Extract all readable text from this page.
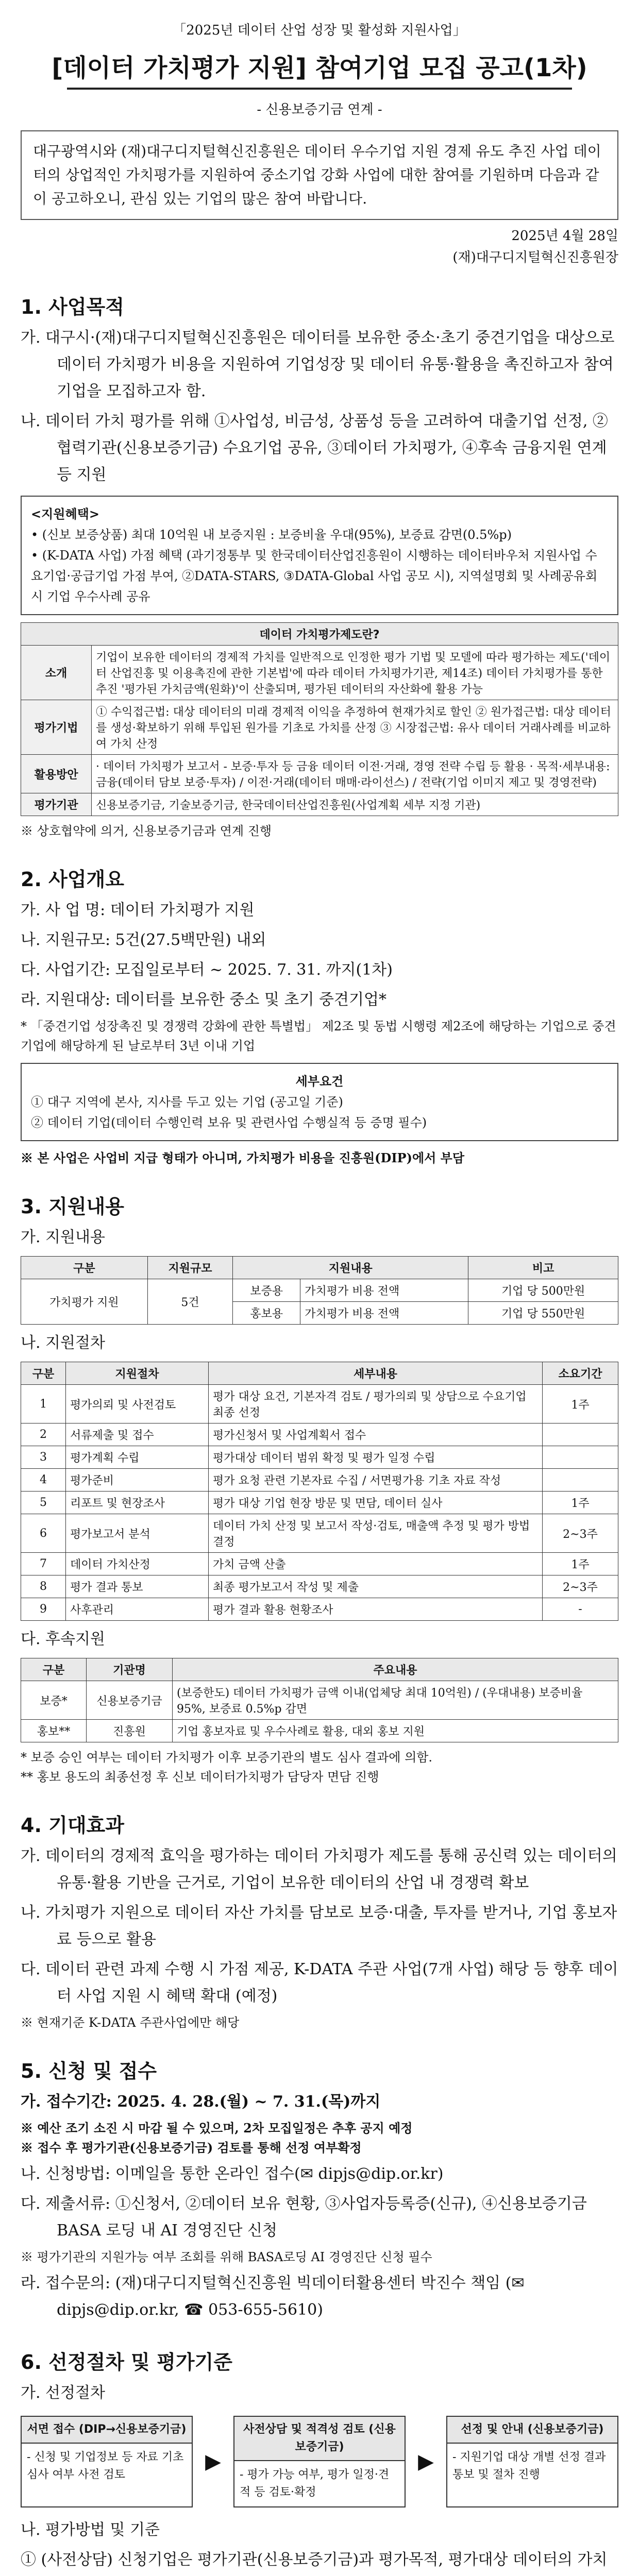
「2025년 데이터 산업 성장 및 활성화 지원사업」
[데이터 가치평가 지원] 참여기업 모집 공고(1차)
- 신용보증기금 연계 -
대구광역시와 (재)대구디지털혁신진흥원은 데이터 우수기업 지원 경제 유도 추진 사업 데이터의 상업적인 가치평가를 지원하여 중소기업 강화 사업에 대한 참여를 기원하며 다음과 같이 공고하오니, 관심 있는 기업의 많은 참여 바랍니다.
2025년 4월 28일
(재)대구디지털혁신진흥원장
1. 사업목적
가. 대구시·(재)대구디지털혁신진흥원은 데이터를 보유한 중소·초기 중견기업을 대상으로 데이터 가치평가 비용을 지원하여 기업성장 및 데이터 유통·활용을 촉진하고자 참여기업을 모집하고자 함.
나. 데이터 가치 평가를 위해 ①사업성, 비금성, 상품성 등을 고려하여 대출기업 선정, ②협력기관(신용보증기금) 수요기업 공유, ③데이터 가치평가, ④후속 금융지원 연계 등 지원
<지원혜택>
• (신보 보증상품) 최대 10억원 내 보증지원 : 보증비율 우대(95%), 보증료 감면(0.5%p)
• (K-DATA 사업) 가점 혜택 (과기정통부 및 한국데이터산업진흥원이 시행하는 데이터바우처 지원사업 수요기업·공급기업 가점 부여, ②DATA-STARS, ③DATA-Global 사업 공모 시), 지역설명회 및 사례공유회 시 기업 우수사례 공유
데이터 가치평가제도란?	
소개	기업이 보유한 데이터의 경제적 가치를 일반적으로 인정한 평가 기법 및 모델에 따라 평가하는 제도('데이터 산업진흥 및 이용촉진에 관한 기본법'에 따라 데이터 가치평가기관, 제14조) 데이터 가치평가를 통한 추진 '평가된 가치금액(원화)'이 산출되며, 평가된 데이터의 자산화에 활용 가능
평가기법	① 수익접근법: 대상 데이터의 미래 경제적 이익을 추정하여 현재가치로 할인 ② 원가접근법: 대상 데이터를 생성·확보하기 위해 투입된 원가를 기초로 가치를 산정 ③ 시장접근법: 유사 데이터 거래사례를 비교하여 가치 산정
활용방안	· 데이터 가치평가 보고서 - 보증·투자 등 금융 데이터 이전·거래, 경영 전략 수립 등 활용 · 목적·세부내용: 금융(데이터 담보 보증·투자) / 이전·거래(데이터 매매·라이선스) / 전략(기업 이미지 제고 및 경영전략)
평가기관	신용보증기금, 기술보증기금, 한국데이터산업진흥원(사업계획 세부 지정 기관)
※ 상호협약에 의거, 신용보증기금과 연계 진행
2. 사업개요
가. 사 업 명: 데이터 가치평가 지원
나. 지원규모: 5건(27.5백만원) 내외
다. 사업기간: 모집일로부터 ~ 2025. 7. 31. 까지(1차)
라. 지원대상: 데이터를 보유한 중소 및 초기 중견기업*
* 「중견기업 성장촉진 및 경쟁력 강화에 관한 특별법」 제2조 및 동법 시행령 제2조에 해당하는 기업으로 중견기업에 해당하게 된 날로부터 3년 이내 기업
세부요건
① 대구 지역에 본사, 지사를 두고 있는 기업 (공고일 기준)
② 데이터 기업(데이터 수행인력 보유 및 관련사업 수행실적 등 증명 필수)
※ 본 사업은 사업비 지급 형태가 아니며, 가치평가 비용을 진흥원(DIP)에서 부담
3. 지원내용
가. 지원내용
구분	지원규모	지원내용		비고
가치평가 지원	5건	보증용	가치평가 비용 전액	기업 당 500만원
		홍보용	가치평가 비용 전액	기업 당 550만원
나. 지원절차
구분	지원절차	세부내용	소요기간
1	평가의뢰 및 사전검토	평가 대상 요건, 기본자격 검토 / 평가의뢰 및 상담으로 수요기업 최종 선정	1주
2	서류제출 및 접수	평가신청서 및 사업계획서 접수	
3	평가계획 수립	평가대상 데이터 범위 확정 및 평가 일정 수립	
4	평가준비	평가 요청 관련 기본자료 수집 / 서면평가용 기초 자료 작성	
5	리포트 및 현장조사	평가 대상 기업 현장 방문 및 면담, 데이터 실사	1주
6	평가보고서 분석	데이터 가치 산정 및 보고서 작성·검토, 매출액 추정 및 평가 방법 결정	2~3주
7	데이터 가치산정	가치 금액 산출	1주
8	평가 결과 통보	최종 평가보고서 작성 및 제출	2~3주
9	사후관리	평가 결과 활용 현황조사	-
다. 후속지원
구분	기관명	주요내용
보증*	신용보증기금	(보증한도) 데이터 가치평가 금액 이내(업체당 최대 10억원) / (우대내용) 보증비율 95%, 보증료 0.5%p 감면
홍보**	진흥원	기업 홍보자료 및 우수사례로 활용, 대외 홍보 지원
* 보증 승인 여부는 데이터 가치평가 이후 보증기관의 별도 심사 결과에 의함.
** 홍보 용도의 최종선정 후 신보 데이터가치평가 담당자 면담 진행
4. 기대효과
가. 데이터의 경제적 효익을 평가하는 데이터 가치평가 제도를 통해 공신력 있는 데이터의 유통·활용 기반을 근거로, 기업이 보유한 데이터의 산업 내 경쟁력 확보
나. 가치평가 지원으로 데이터 자산 가치를 담보로 보증·대출, 투자를 받거나, 기업 홍보자료 등으로 활용
다. 데이터 관련 과제 수행 시 가점 제공, K-DATA 주관 사업(7개 사업) 해당 등 향후 데이터 사업 지원 시 혜택 확대 (예정)
※ 현재기준 K-DATA 주관사업에만 해당
5. 신청 및 접수
가. 접수기간: 2025. 4. 28.(월) ~ 7. 31.(목)까지
※ 예산 조기 소진 시 마감 될 수 있으며, 2차 모집일정은 추후 공지 예정
※ 접수 후 평가기관(신용보증기금) 검토를 통해 선정 여부확정
나. 신청방법: 이메일을 통한 온라인 접수(✉ dipjs@dip.or.kr)
다. 제출서류: ①신청서, ②데이터 보유 현황, ③사업자등록증(신규), ④신용보증기금 BASA 로딩 내 AI 경영진단 신청
※ 평가기관의 지원가능 여부 조회를 위해 BASA로딩 AI 경영진단 신청 필수
라. 접수문의: (재)대구디지털혁신진흥원 빅데이터활용센터 박진수 책임 (✉ dipjs@dip.or.kr, ☎ 053-655-5610)
6. 선정절차 및 평가기준
가. 선정절차
서면 접수 (DIP→신용보증기금)
- 신청 및 기업정보 등 자료 기초심사 여부 사전 검토
▶
사전상담 및 적격성 검토 (신용보증기금)
- 평가 가능 여부, 평가 일정·견적 등 검토·확정
▶
선정 및 안내 (신용보증기금)
- 지원기업 대상 개별 선정 결과 통보 및 절차 진행
나. 평가방법 및 기준
① (사전상담) 신청기업은 평가기관(신용보증기금)과 평가목적, 평가대상 데이터의 가치
